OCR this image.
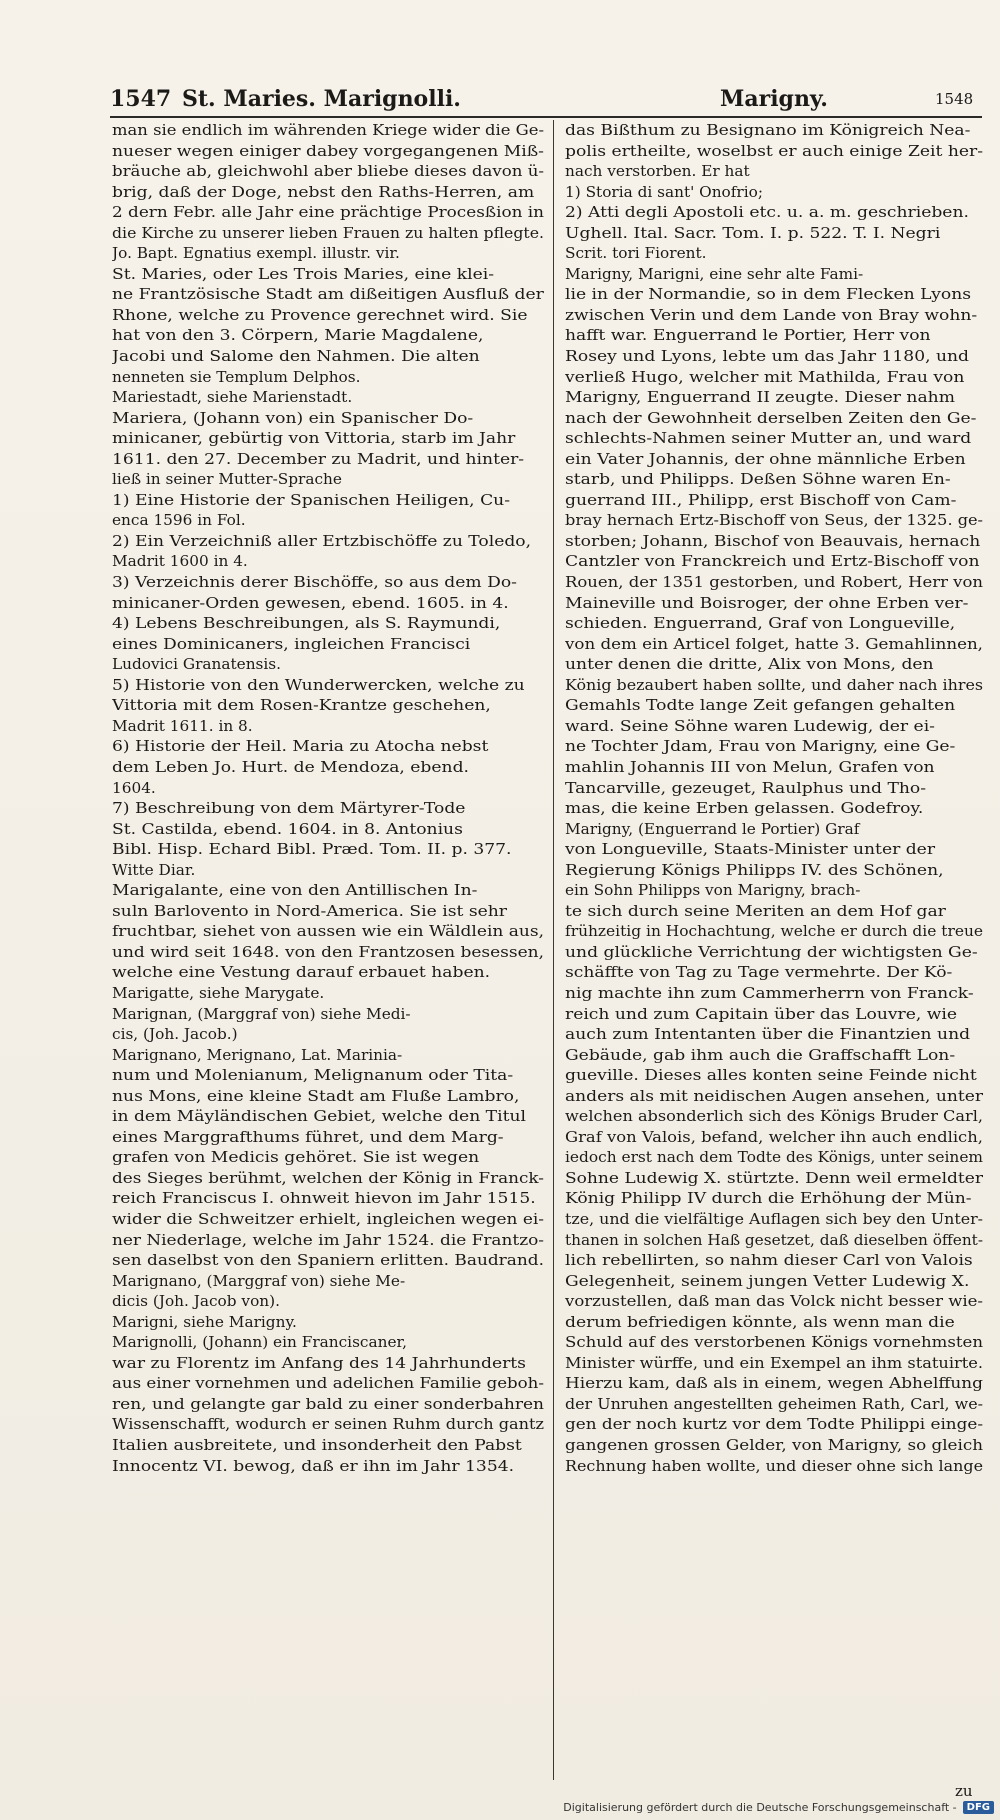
1547 St. Maries. Marignolli.	Marigny.	1548
man sie endlich im währenden Kriege wider die Ge-
nueser wegen einiger dabey vorgegangenen Miß-
bräuche ab, gleichwohl aber bliebe dieses davon ü-
brig, daß der Doge, nebst den Raths-Herren, am
2 dern Febr. alle Jahr eine prächtige Procesßion in
die Kirche zu unserer lieben Frauen zu halten pflegte.
Jo. Bapt. Egnatius exempl. illustr. vir.
St. Maries, oder Les Trois Maries, eine klei-
ne Frantzösische Stadt am dißeitigen Ausfluß der
Rhone, welche zu Provence gerechnet wird. Sie
hat von den 3. Cörpern, Marie Magdalene,
Jacobi und Salome den Nahmen. Die alten
nenneten sie Templum Delphos.
Mariestadt, siehe Marienstadt.
Mariera, (Johann von) ein Spanischer Do-
minicaner, gebürtig von Vittoria, starb im Jahr
1611. den 27. December zu Madrit, und hinter-
ließ in seiner Mutter-Sprache
1) Eine Historie der Spanischen Heiligen, Cu-
enca 1596 in Fol.
2) Ein Verzeichniß aller Ertzbischöffe zu Toledo,
Madrit 1600 in 4.
3) Verzeichnis derer Bischöffe, so aus dem Do-
minicaner-Orden gewesen, ebend. 1605. in 4.
4) Lebens Beschreibungen, als S. Raymundi,
eines Dominicaners, ingleichen Francisci
Ludovici Granatensis.
5) Historie von den Wunderwercken, welche zu
Vittoria mit dem Rosen-Krantze geschehen,
Madrit 1611. in 8.
6) Historie der Heil. Maria zu Atocha nebst
dem Leben Jo. Hurt. de Mendoza, ebend.
1604.
7) Beschreibung von dem Märtyrer-Tode
St. Castilda, ebend. 1604. in 8. Antonius
Bibl. Hisp. Echard Bibl. Præd. Tom. II. p. 377.
Witte Diar.
Marigalante, eine von den Antillischen In-
suln Barlovento in Nord-America. Sie ist sehr
fruchtbar, siehet von aussen wie ein Wäldlein aus,
und wird seit 1648. von den Frantzosen besessen,
welche eine Vestung darauf erbauet haben.
Marigatte, siehe Marygate.
Marignan, (Marggraf von) siehe Medi-
cis, (Joh. Jacob.)
Marignano, Merignano, Lat. Marinia-
num und Molenianum, Melignanum oder Tita-
nus Mons, eine kleine Stadt am Fluße Lambro,
in dem Mäyländischen Gebiet, welche den Titul
eines Marggrafthums führet, und dem Marg-
grafen von Medicis gehöret. Sie ist wegen
des Sieges berühmt, welchen der König in Franck-
reich Franciscus I. ohnweit hievon im Jahr 1515.
wider die Schweitzer erhielt, ingleichen wegen ei-
ner Niederlage, welche im Jahr 1524. die Frantzo-
sen daselbst von den Spaniern erlitten. Baudrand.
Marignano, (Marggraf von) siehe Me-
dicis (Joh. Jacob von).
Marigni, siehe Marigny.
Marignolli, (Johann) ein Franciscaner,
war zu Florentz im Anfang des 14 Jahrhunderts
aus einer vornehmen und adelichen Familie geboh-
ren, und gelangte gar bald zu einer sonderbahren
Wissenschafft, wodurch er seinen Ruhm durch gantz
Italien ausbreitete, und insonderheit den Pabst
Innocentz VI. bewog, daß er ihn im Jahr 1354.
das Bißthum zu Besignano im Königreich Nea-
polis ertheilte, woselbst er auch einige Zeit her-
nach verstorben. Er hat
1) Storia di sant' Onofrio;
2) Atti degli Apostoli etc. u. a. m. geschrieben.
Ughell. Ital. Sacr. Tom. I. p. 522. T. I. Negri
Scrit. tori Fiorent.
Marigny, Marigni, eine sehr alte Fami-
lie in der Normandie, so in dem Flecken Lyons
zwischen Verin und dem Lande von Bray wohn-
hafft war. Enguerrand le Portier, Herr von
Rosey und Lyons, lebte um das Jahr 1180, und
verließ Hugo, welcher mit Mathilda, Frau von
Marigny, Enguerrand II zeugte. Dieser nahm
nach der Gewohnheit derselben Zeiten den Ge-
schlechts-Nahmen seiner Mutter an, und ward
ein Vater Johannis, der ohne männliche Erben
starb, und Philipps. Deßen Söhne waren En-
guerrand III., Philipp, erst Bischoff von Cam-
bray hernach Ertz-Bischoff von Seus, der 1325. ge-
storben; Johann, Bischof von Beauvais, hernach
Cantzler von Franckreich und Ertz-Bischoff von
Rouen, der 1351 gestorben, und Robert, Herr von
Maineville und Boisroger, der ohne Erben ver-
schieden. Enguerrand, Graf von Longueville,
von dem ein Articel folget, hatte 3. Gemahlinnen,
unter denen die dritte, Alix von Mons, den
König bezaubert haben sollte, und daher nach ihres
Gemahls Todte lange Zeit gefangen gehalten
ward. Seine Söhne waren Ludewig, der ei-
ne Tochter Jdam, Frau von Marigny, eine Ge-
mahlin Johannis III von Melun, Grafen von
Tancarville, gezeuget, Raulphus und Tho-
mas, die keine Erben gelassen. Godefroy.
Marigny, (Enguerrand le Portier) Graf
von Longueville, Staats-Minister unter der
Regierung Königs Philipps IV. des Schönen,
ein Sohn Philipps von Marigny, brach-
te sich durch seine Meriten an dem Hof gar
frühzeitig in Hochachtung, welche er durch die treue
und glückliche Verrichtung der wichtigsten Ge-
schäffte von Tag zu Tage vermehrte. Der Kö-
nig machte ihn zum Cammerherrn von Franck-
reich und zum Capitain über das Louvre, wie
auch zum Intentanten über die Finantzien und
Gebäude, gab ihm auch die Graffschafft Lon-
gueville. Dieses alles konten seine Feinde nicht
anders als mit neidischen Augen ansehen, unter
welchen absonderlich sich des Königs Bruder Carl,
Graf von Valois, befand, welcher ihn auch endlich,
iedoch erst nach dem Todte des Königs, unter seinem
Sohne Ludewig X. stürtzte. Denn weil ermeldter
König Philipp IV durch die Erhöhung der Mün-
tze, und die vielfältige Auflagen sich bey den Unter-
thanen in solchen Haß gesetzet, daß dieselben öffent-
lich rebellirten, so nahm dieser Carl von Valois
Gelegenheit, seinem jungen Vetter Ludewig X.
vorzustellen, daß man das Volck nicht besser wie-
derum befriedigen könnte, als wenn man die
Schuld auf des verstorbenen Königs vornehmsten
Minister würffe, und ein Exempel an ihm statuirte.
Hierzu kam, daß als in einem, wegen Abhelffung
der Unruhen angestellten geheimen Rath, Carl, we-
gen der noch kurtz vor dem Todte Philippi einge-
gangenen grossen Gelder, von Marigny, so gleich
Rechnung haben wollte, und dieser ohne sich lange
zu
Digitalisierung gefördert durch die Deutsche Forschungsgemeinschaft -	DFG
